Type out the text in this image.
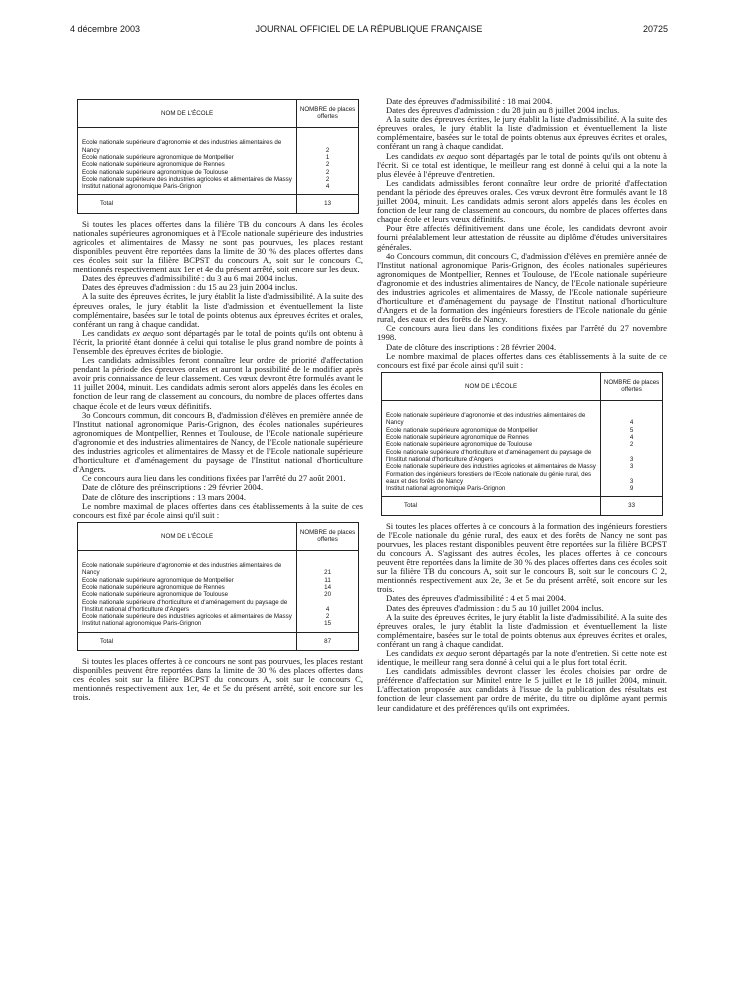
4 décembre 2003	JOURNAL OFFICIEL DE LA RÉPUBLIQUE FRANÇAISE	20725
NOM DE L'ÉCOLE	NOMBRE de places offertes

Ecole nationale supérieure d'agronomie et des industries alimentaires de Nancy	2
Ecole nationale supérieure agronomique de Montpellier	1
Ecole nationale supérieure agronomique de Rennes	2
Ecole nationale supérieure agronomique de Toulouse	2
Ecole nationale supérieure des industries agricoles et alimentaires de Massy	2
Institut national agronomique Paris-Grignon	4
Total	13

Si toutes les places offertes dans la filière TB du concours A dans les écoles nationales supérieures agronomiques et à l'Ecole nationale supérieure des industries agricoles et alimentaires de Massy ne sont pas pourvues, les places restant disponibles peuvent être reportées dans la limite de 30 % des places offertes dans ces écoles soit sur la filière BCPST du concours A, soit sur le concours C, mentionnés respectivement aux 1er et 4e du présent arrêté, soit encore sur les deux.

Dates des épreuves d'admissibilité : du 3 au 6 mai 2004 inclus.

Dates des épreuves d'admission : du 15 au 23 juin 2004 inclus.

A la suite des épreuves écrites, le jury établit la liste d'admissibilité. A la suite des épreuves orales, le jury établit la liste d'admission et éventuellement la liste complémentaire, basées sur le total de points obtenus aux épreuves écrites et orales, conférant un rang à chaque candidat.

Les candidats ex aequo sont départagés par le total de points qu'ils ont obtenu à l'écrit, la priorité étant donnée à celui qui totalise le plus grand nombre de points à l'ensemble des épreuves écrites de biologie.

Les candidats admissibles feront connaître leur ordre de priorité d'affectation pendant la période des épreuves orales et auront la possibilité de le modifier après avoir pris connaissance de leur classement. Ces vœux devront être formulés avant le 11 juillet 2004, minuit. Les candidats admis seront alors appelés dans les écoles en fonction de leur rang de classement au concours, du nombre de places offertes dans chaque école et de leurs vœux définitifs.

3o Concours commun, dit concours B, d'admission d'élèves en première année de l'Institut national agronomique Paris-Grignon, des écoles nationales supérieures agronomiques de Montpellier, Rennes et Toulouse, de l'Ecole nationale supérieure d'agronomie et des industries alimentaires de Nancy, de l'Ecole nationale supérieure des industries agricoles et alimentaires de Massy et de l'Ecole nationale supérieure d'horticulture et d'aménagement du paysage de l'Institut national d'horticulture d'Angers.

Ce concours aura lieu dans les conditions fixées par l'arrêté du 27 août 2001.

Date de clôture des préinscriptions : 29 février 2004.

Date de clôture des inscriptions : 13 mars 2004.

Le nombre maximal de places offertes dans ces établissements à la suite de ces concours est fixé par école ainsi qu'il suit :

NOM DE L'ÉCOLE	NOMBRE de places offertes

Ecole nationale supérieure d'agronomie et des industries alimentaires de Nancy	21
Ecole nationale supérieure agronomique de Montpellier	11
Ecole nationale supérieure agronomique de Rennes	14
Ecole nationale supérieure agronomique de Toulouse	20
Ecole nationale supérieure d'horticulture et d'aménagement du paysage de l'Institut national d'horticulture d'Angers	4
Ecole nationale supérieure des industries agricoles et alimentaires de Massy	2
Institut national agronomique Paris-Grignon	15
Total	87

Si toutes les places offertes à ce concours ne sont pas pourvues, les places restant disponibles peuvent être reportées dans la limite de 30 % des places offertes dans ces écoles soit sur la filière BCPST du concours A, soit sur le concours C, mentionnés respectivement aux 1er, 4e et 5e du présent arrêté, soit encore sur les trois.

Date des épreuves d'admissibilité : 18 mai 2004.

Dates des épreuves d'admission : du 28 juin au 8 juillet 2004 inclus.

A la suite des épreuves écrites, le jury établit la liste d'admissibilité. A la suite des épreuves orales, le jury établit la liste d'admission et éventuellement la liste complémentaire, basées sur le total de points obtenus aux épreuves écrites et orales, conférant un rang à chaque candidat.

Les candidats ex aequo sont départagés par le total de points qu'ils ont obtenu à l'écrit. Si ce total est identique, le meilleur rang est donné à celui qui a la note la plus élevée à l'épreuve d'entretien.

Les candidats admissibles feront connaître leur ordre de priorité d'affectation pendant la période des épreuves orales. Ces vœux devront être formulés avant le 18 juillet 2004, minuit. Les candidats admis seront alors appelés dans les écoles en fonction de leur rang de classement au concours, du nombre de places offertes dans chaque école et leurs vœux définitifs.

Pour être affectés définitivement dans une école, les candidats devront avoir fourni préalablement leur attestation de réussite au diplôme d'études universitaires générales.

4o Concours commun, dit concours C, d'admission d'élèves en première année de l'Institut national agronomique Paris-Grignon, des écoles nationales supérieures agronomiques de Montpellier, Rennes et Toulouse, de l'Ecole nationale supérieure d'agronomie et des industries alimentaires de Nancy, de l'Ecole nationale supérieure des industries agricoles et alimentaires de Massy, de l'Ecole nationale supérieure d'horticulture et d'aménagement du paysage de l'Institut national d'horticulture d'Angers et de la formation des ingénieurs forestiers de l'Ecole nationale du génie rural, des eaux et des forêts de Nancy.

Ce concours aura lieu dans les conditions fixées par l'arrêté du 27 novembre 1998.

Date de clôture des inscriptions : 28 février 2004.

Le nombre maximal de places offertes dans ces établissements à la suite de ce concours est fixé par école ainsi qu'il suit :

NOM DE L'ÉCOLE	NOMBRE de places offertes

Ecole nationale supérieure d'agronomie et des industries alimentaires de Nancy	4
Ecole nationale supérieure agronomique de Montpellier	5
Ecole nationale supérieure agronomique de Rennes	4
Ecole nationale supérieure agronomique de Toulouse	2
Ecole nationale supérieure d'horticulture et d'aménagement du paysage de l'Institut national d'horticulture d'Angers	3
Ecole nationale supérieure des industries agricoles et alimentaires de Massy	3
Formation des ingénieurs forestiers de l'Ecole nationale du génie rural, des eaux et des forêts de Nancy	3
Institut national agronomique Paris-Grignon	9
Total	33

Si toutes les places offertes à ce concours à la formation des ingénieurs forestiers de l'Ecole nationale du génie rural, des eaux et des forêts de Nancy ne sont pas pourvues, les places restant disponibles peuvent être reportées sur la filière BCPST du concours A. S'agissant des autres écoles, les places offertes à ce concours peuvent être reportées dans la limite de 30 % des places offertes dans ces écoles soit sur la filière TB du concours A, soit sur le concours B, soit sur le concours C 2, mentionnés respectivement aux 2e, 3e et 5e du présent arrêté, soit encore sur les trois.

Dates des épreuves d'admissibilité : 4 et 5 mai 2004.

Dates des épreuves d'admission : du 5 au 10 juillet 2004 inclus.

A la suite des épreuves écrites, le jury établit la liste d'admissibilité. A la suite des épreuves orales, le jury établit la liste d'admission et éventuellement la liste complémentaire, basées sur le total de points obtenus aux épreuves écrites et orales, conférant un rang à chaque candidat.

Les candidats ex aequo seront départagés par la note d'entretien. Si cette note est identique, le meilleur rang sera donné à celui qui a le plus fort total écrit.

Les candidats admissibles devront classer les écoles choisies par ordre de préférence d'affectation sur Minitel entre le 5 juillet et le 18 juillet 2004, minuit. L'affectation proposée aux candidats à l'issue de la publication des résultats est fonction de leur classement par ordre de mérite, du titre ou diplôme ayant permis leur candidature et des préférences qu'ils ont exprimées.
